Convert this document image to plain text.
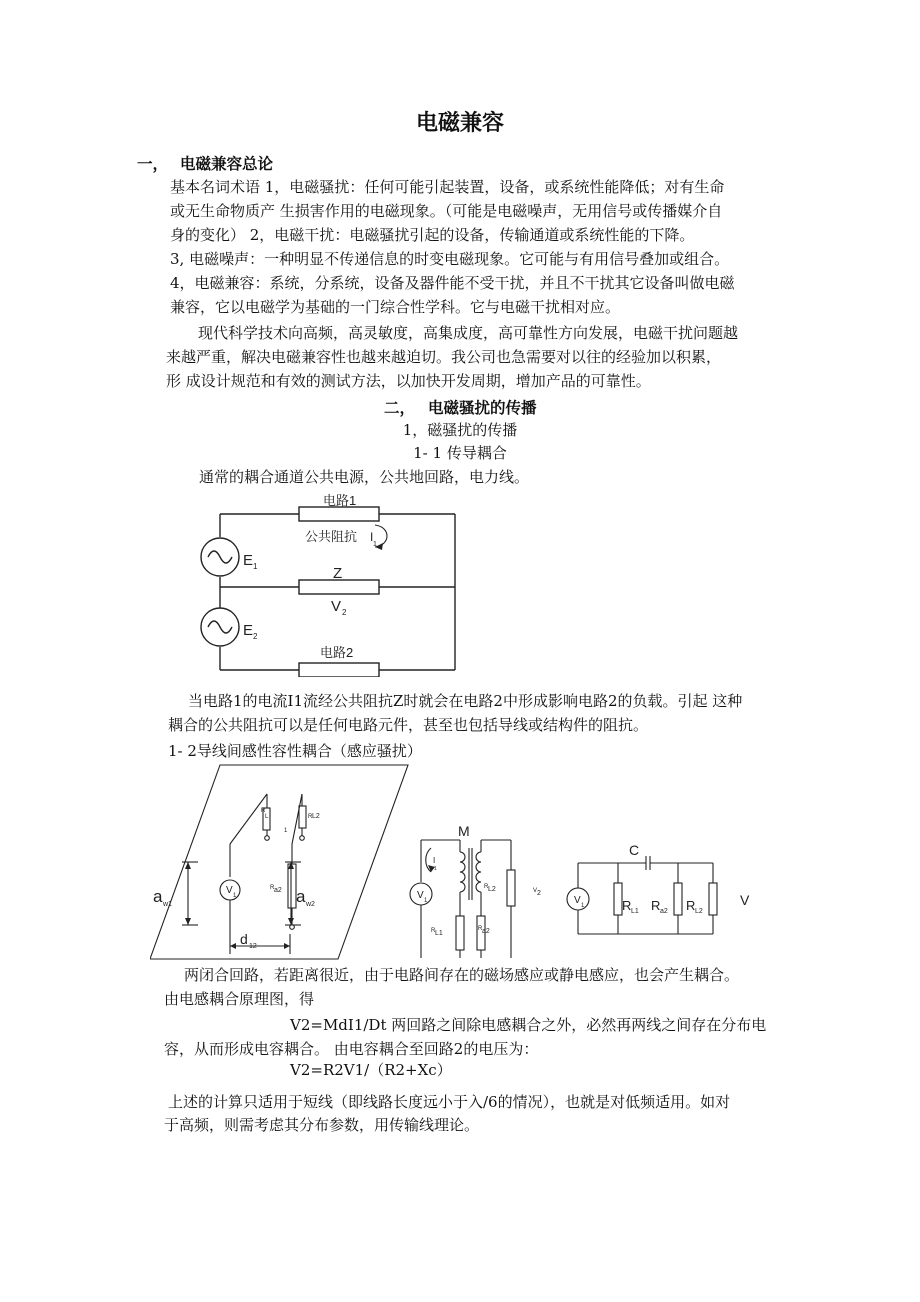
电磁兼容
一， 电磁兼容总论
基本名词术语 1，电磁骚扰：任何可能引起装置，设备，或系统性能降低；对有生命
或无生命物质产 生损害作用的电磁现象。（可能是电磁噪声，无用信号或传播媒介自
身的变化） 2，电磁干扰：电磁骚扰引起的设备，传输通道或系统性能的下降。
3, 电磁噪声：一种明显不传递信息的时变电磁现象。它可能与有用信号叠加或组合。
4，电磁兼容：系统，分系统，设备及器件能不受干扰，并且不干扰其它设备叫做电磁
兼容，它以电磁学为基础的一门综合性学科。它与电磁干扰相对应。
现代科学技术向高频，高灵敏度，高集成度，高可靠性方向发展，电磁干扰问题越
来越严重，解决电磁兼容性也越来越迫切。我公司也急需要对以往的经验加以积累，
形 成设计规范和有效的测试方法，以加快开发周期，增加产品的可靠性。
二， 电磁骚扰的传播
1，磁骚扰的传播
1- 1 传导耦合
通常的耦合通道公共电源，公共地回路，电力线。
电路1
公共阻抗 I
1
E 1	Z
V 2
E 2
电路2
当电路1的电流I1流经公共阻抗Z时就会在电路2中形成影响电路2的负载。引起 这种
耦合的公共阻抗可以是任何电路元件，甚至也包括导线或结构件的阻抗。
1- 2导线间感性容性耦合（感应骚扰）
R
L	R L2
1
a w1	a w2
V 1
R a2
d 12
M
I
1
V 1
R L2
R L1
R a2
V 2
C
V 1	R L1 R a2 R L2
V
两闭合回路，若距离很近，由于电路间存在的磁场感应或静电感应，也会产生耦合。
由电感耦合原理图，得
V2=MdI1/Dt 两回路之间除电感耦合之外，必然再两线之间存在分布电
容，从而形成电容耦合。 由电容耦合至回路2的电压为：
V2=R2V1/（R2+Xc）
上述的计算只适用于短线（即线路长度远小于入/6的情况），也就是对低频适用。如对
于高频，则需考虑其分布参数，用传输线理论。
